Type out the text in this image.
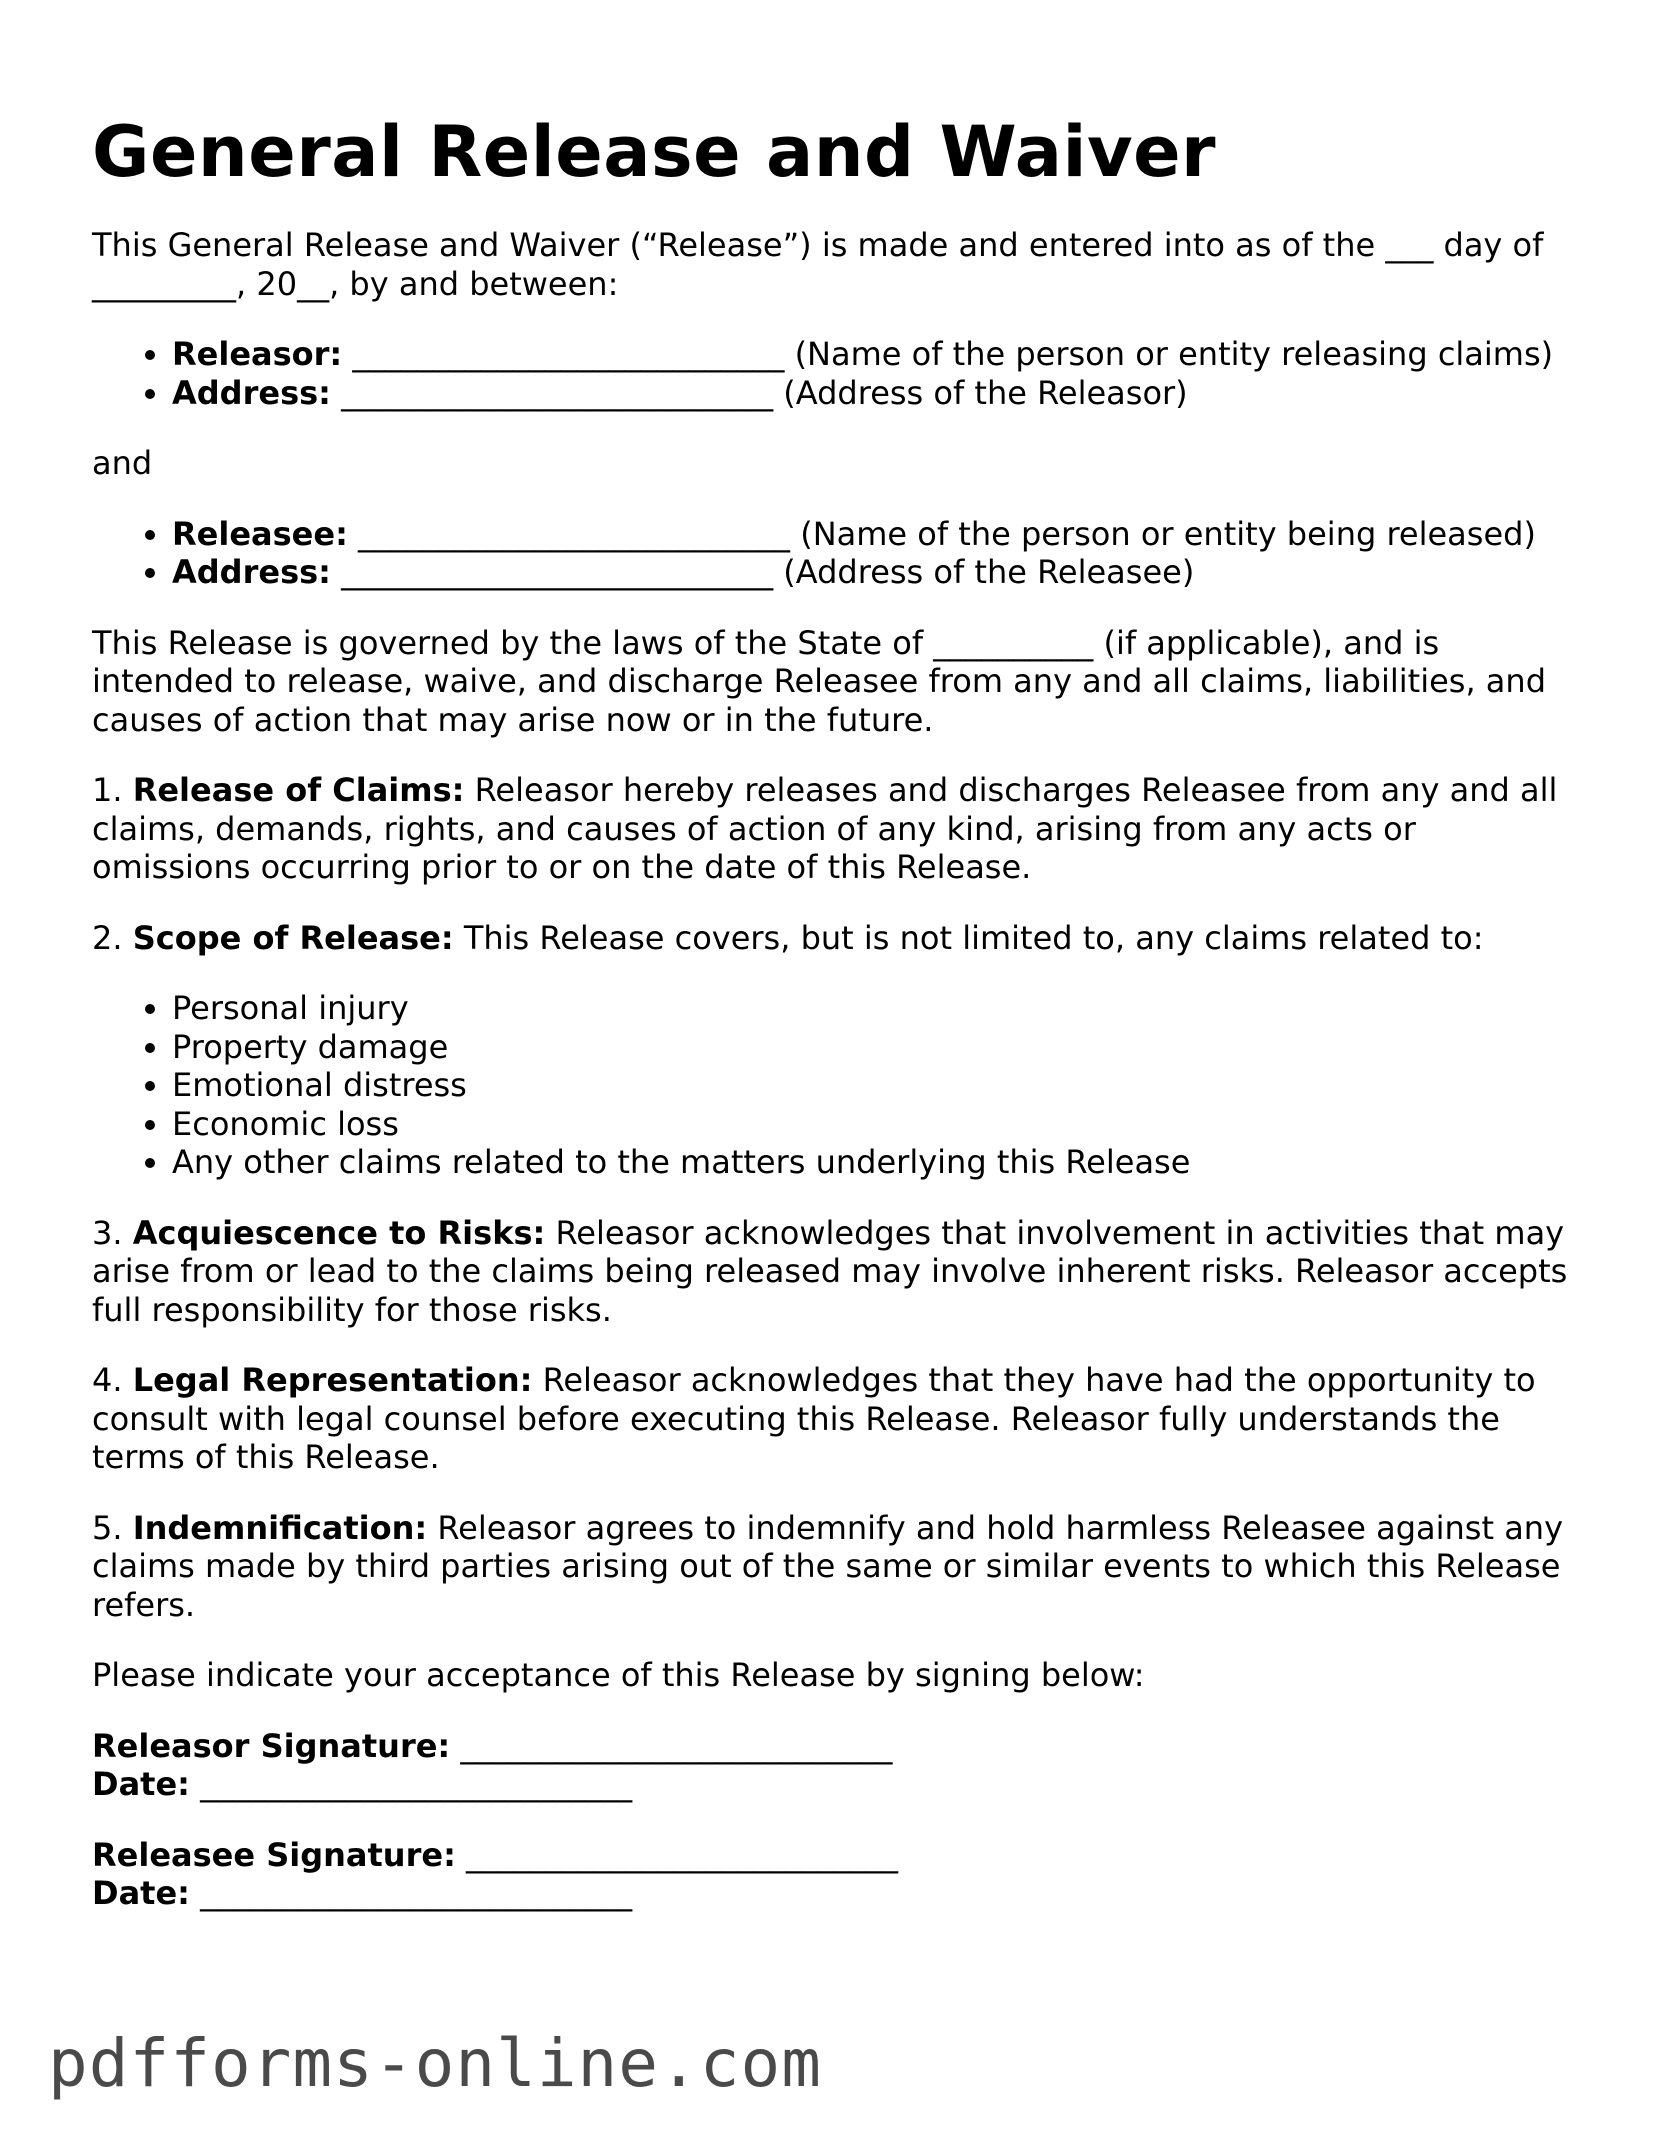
General Release and Waiver

This General Release and Waiver (“Release”) is made and entered into as of the ___ day of _________, 20__, by and between:

• Releasor: ___________________________ (Name of the person or entity releasing claims)
• Address: ___________________________ (Address of the Releasor)

and

• Releasee: ___________________________ (Name of the person or entity being released)
• Address: ___________________________ (Address of the Releasee)

This Release is governed by the laws of the State of __________ (if applicable), and is intended to release, waive, and discharge Releasee from any and all claims, liabilities, and causes of action that may arise now or in the future.

1. Release of Claims: Releasor hereby releases and discharges Releasee from any and all claims, demands, rights, and causes of action of any kind, arising from any acts or omissions occurring prior to or on the date of this Release.

2. Scope of Release: This Release covers, but is not limited to, any claims related to:

• Personal injury
• Property damage
• Emotional distress
• Economic loss
• Any other claims related to the matters underlying this Release

3. Acquiescence to Risks: Releasor acknowledges that involvement in activities that may arise from or lead to the claims being released may involve inherent risks. Releasor accepts full responsibility for those risks.

4. Legal Representation: Releasor acknowledges that they have had the opportunity to consult with legal counsel before executing this Release. Releasor fully understands the terms of this Release.

5. Indemnification: Releasor agrees to indemnify and hold harmless Releasee against any claims made by third parties arising out of the same or similar events to which this Release refers.

Please indicate your acceptance of this Release by signing below:

Releasor Signature: ___________________________

Date: ___________________________

Releasee Signature: ___________________________

Date: ___________________________

pdfforms-online.com
